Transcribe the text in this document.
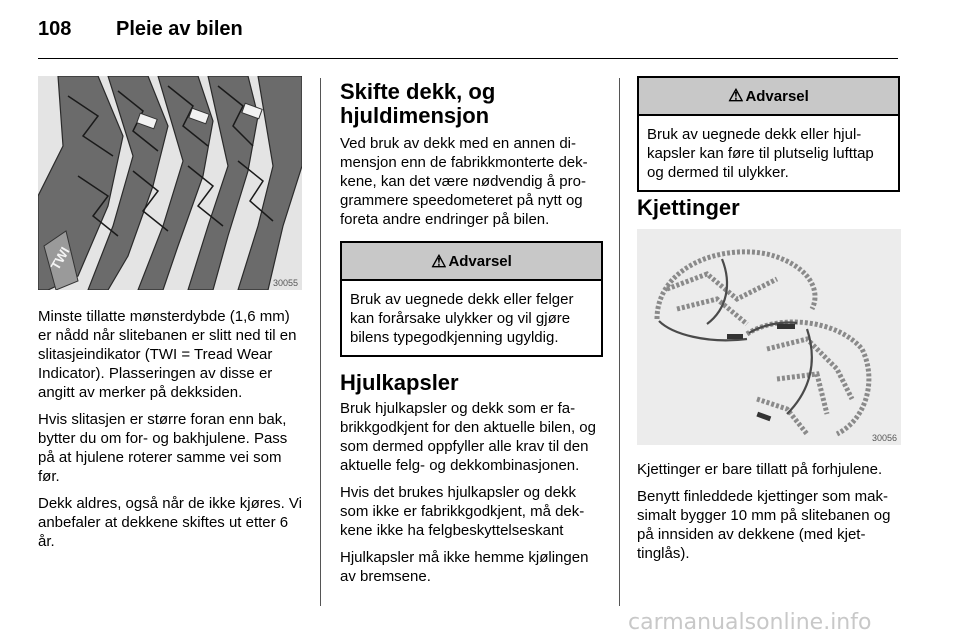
108 Pleie av bilen
TWI
30055

Minste tillatte mønsterdybde (1,6 mm) er nådd når slitebanen er slitt ned til en slitasjeindikator (TWI = Tread Wear Indicator). Plasseringen av disse er angitt av merker på dekksiden.

Hvis slitasjen er større foran enn bak, bytter du om for- og bakhjulene. Pass på at hjulene roterer samme vei som før.

Dekk aldres, også når de ikke kjøres. Vi anbefaler at dekkene skiftes ut etter 6 år.

Skifte dekk, og hjuldimensjon

Ved bruk av dekk med en annen dimensjon enn de fabrikkmonterte dekkene, kan det være nødvendig å programmere speedometeret på nytt og foreta andre endringer på bilen.

⚠ Advarsel
Bruk av uegnede dekk eller felger kan forårsake ulykker og vil gjøre bilens typegodkjenning ugyldig.
Hjulkapsler

Bruk hjulkapsler og dekk som er fabrikkgodkjent for den aktuelle bilen, og som dermed oppfyller alle krav til den aktuelle felg- og dekkombinasjonen.

Hvis det brukes hjulkapsler og dekk som ikke er fabrikkgodkjent, må dekkene ikke ha felgbeskyttelseskant

Hjulkapsler må ikke hemme kjølingen av bremsene.

⚠ Advarsel
Bruk av uegnede dekk eller hjulkapsler kan føre til plutselig lufttap og dermed til ulykker.
Kjettinger
30056

Kjettinger er bare tillatt på forhjulene.

Benytt finleddede kjettinger som maksimalt bygger 10 mm på slitebanen og på innsiden av dekkene (med kjettinglås).

carmanualsonline.info
